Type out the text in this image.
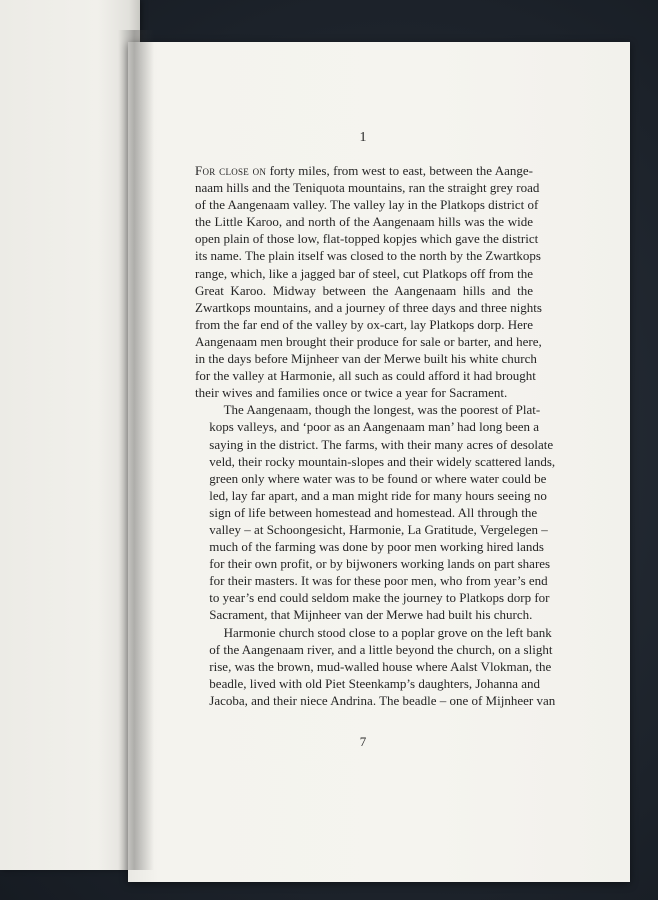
1

For close on forty miles, from west to east, between the Aange-
naam hills and the Teniquota mountains, ran the straight grey road
of the Aangenaam valley. The valley lay in the Platkops district of
the Little Karoo, and north of the Aangenaam hills was the wide
open plain of those low, flat-topped kopjes which gave the district
its name. The plain itself was closed to the north by the Zwartkops
range, which, like a jagged bar of steel, cut Platkops off from the
Great Karoo. Midway between the Aangenaam hills and the
Zwartkops mountains, and a journey of three days and three nights
from the far end of the valley by ox-cart, lay Platkops dorp. Here
Aangenaam men brought their produce for sale or barter, and here,
in the days before Mijnheer van der Merwe built his white church
for the valley at Harmonie, all such as could afford it had brought
their wives and families once or twice a year for Sacrament.

The Aangenaam, though the longest, was the poorest of Plat-
kops valleys, and ‘poor as an Aangenaam man’ had long been a
saying in the district. The farms, with their many acres of desolate
veld, their rocky mountain-slopes and their widely scattered lands,
green only where water was to be found or where water could be
led, lay far apart, and a man might ride for many hours seeing no
sign of life between homestead and homestead. All through the
valley – at Schoongesicht, Harmonie, La Gratitude, Vergelegen –
much of the farming was done by poor men working hired lands
for their own profit, or by bijwoners working lands on part shares
for their masters. It was for these poor men, who from year’s end
to year’s end could seldom make the journey to Platkops dorp for
Sacrament, that Mijnheer van der Merwe had built his church.

Harmonie church stood close to a poplar grove on the left bank
of the Aangenaam river, and a little beyond the church, on a slight
rise, was the brown, mud-walled house where Aalst Vlokman, the
beadle, lived with old Piet Steenkamp’s daughters, Johanna and
Jacoba, and their niece Andrina. The beadle – one of Mijnheer van

7
